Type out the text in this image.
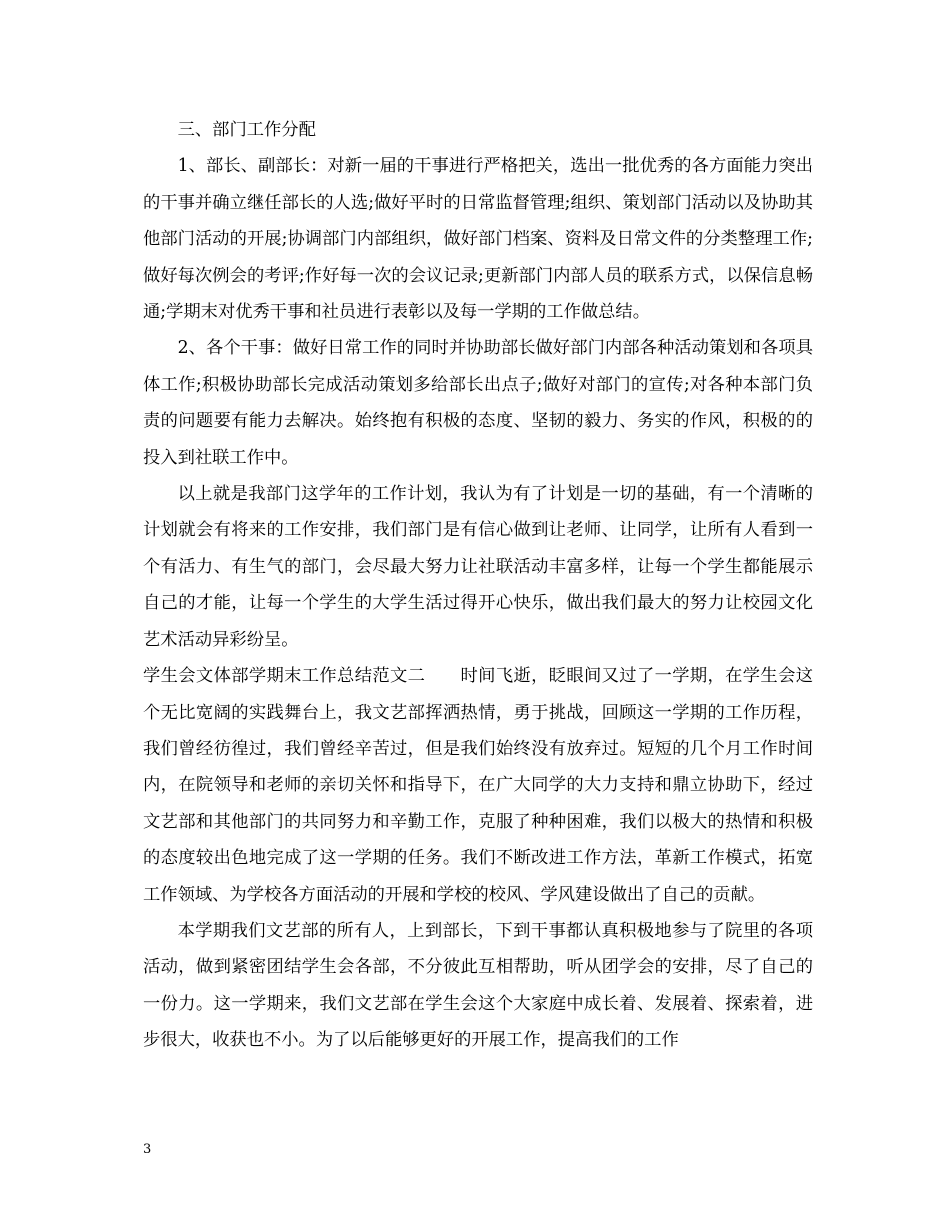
三、部门工作分配

1、部长、副部长：对新一届的干事进行严格把关，选出一批优秀的各方面能力突出的干事并确立继任部长的人选;做好平时的日常监督管理;组织、策划部门活动以及协助其他部门活动的开展;协调部门内部组织，做好部门档案、资料及日常文件的分类整理工作;做好每次例会的考评;作好每一次的会议记录;更新部门内部人员的联系方式，以保信息畅通;学期末对优秀干事和社员进行表彰以及每一学期的工作做总结。

2、各个干事：做好日常工作的同时并协助部长做好部门内部各种活动策划和各项具体工作;积极协助部长完成活动策划多给部长出点子;做好对部门的宣传;对各种本部门负责的问题要有能力去解决。始终抱有积极的态度、坚韧的毅力、务实的作风，积极的的投入到社联工作中。

以上就是我部门这学年的工作计划，我认为有了计划是一切的基础，有一个清晰的计划就会有将来的工作安排，我们部门是有信心做到让老师、让同学，让所有人看到一个有活力、有生气的部门，会尽最大努力让社联活动丰富多样，让每一个学生都能展示自己的才能，让每一个学生的大学生活过得开心快乐，做出我们最大的努力让校园文化艺术活动异彩纷呈。

学生会文体部学期末工作总结范文二　　时间飞逝，眨眼间又过了一学期，在学生会这个无比宽阔的实践舞台上，我文艺部挥洒热情，勇于挑战，回顾这一学期的工作历程，我们曾经彷徨过，我们曾经辛苦过，但是我们始终没有放弃过。短短的几个月工作时间内，在院领导和老师的亲切关怀和指导下，在广大同学的大力支持和鼎立协助下，经过文艺部和其他部门的共同努力和辛勤工作，克服了种种困难，我们以极大的热情和积极的态度较出色地完成了这一学期的任务。我们不断改进工作方法，革新工作模式，拓宽工作领域、为学校各方面活动的开展和学校的校风、学风建设做出了自己的贡献。

本学期我们文艺部的所有人，上到部长，下到干事都认真积极地参与了院里的各项活动，做到紧密团结学生会各部，不分彼此互相帮助，听从团学会的安排，尽了自己的一份力。这一学期来，我们文艺部在学生会这个大家庭中成长着、发展着、探索着，进步很大，收获也不小。为了以后能够更好的开展工作，提高我们的工作

3
